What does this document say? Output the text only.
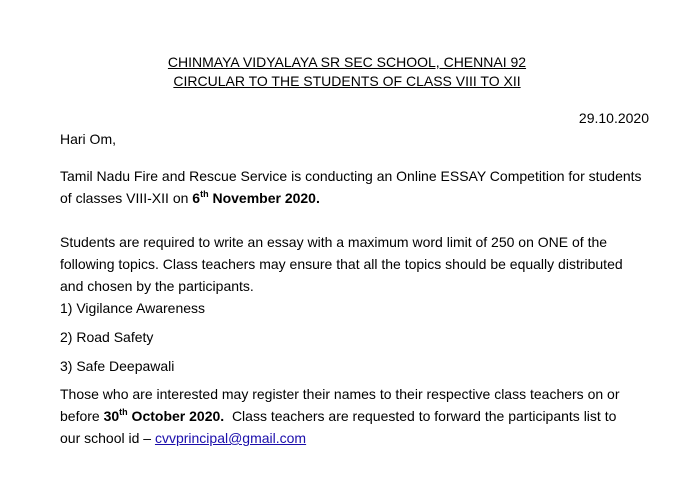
CHINMAYA VIDYALAYA SR SEC SCHOOL, CHENNAI 92
CIRCULAR TO THE STUDENTS OF CLASS VIII TO XII
29.10.2020
Hari Om,
Tamil Nadu Fire and Rescue Service is conducting an Online ESSAY Competition for students
of classes VIII-XII on 6th November 2020.
Students are required to write an essay with a maximum word limit of 250 on ONE of the
following topics. Class teachers may ensure that all the topics should be equally distributed
and chosen by the participants.
1) Vigilance Awareness
2) Road Safety
3) Safe Deepawali
Those who are interested may register their names to their respective class teachers on or
before 30th October 2020.  Class teachers are requested to forward the participants list to
our school id – cvvprincipal@gmail.com
